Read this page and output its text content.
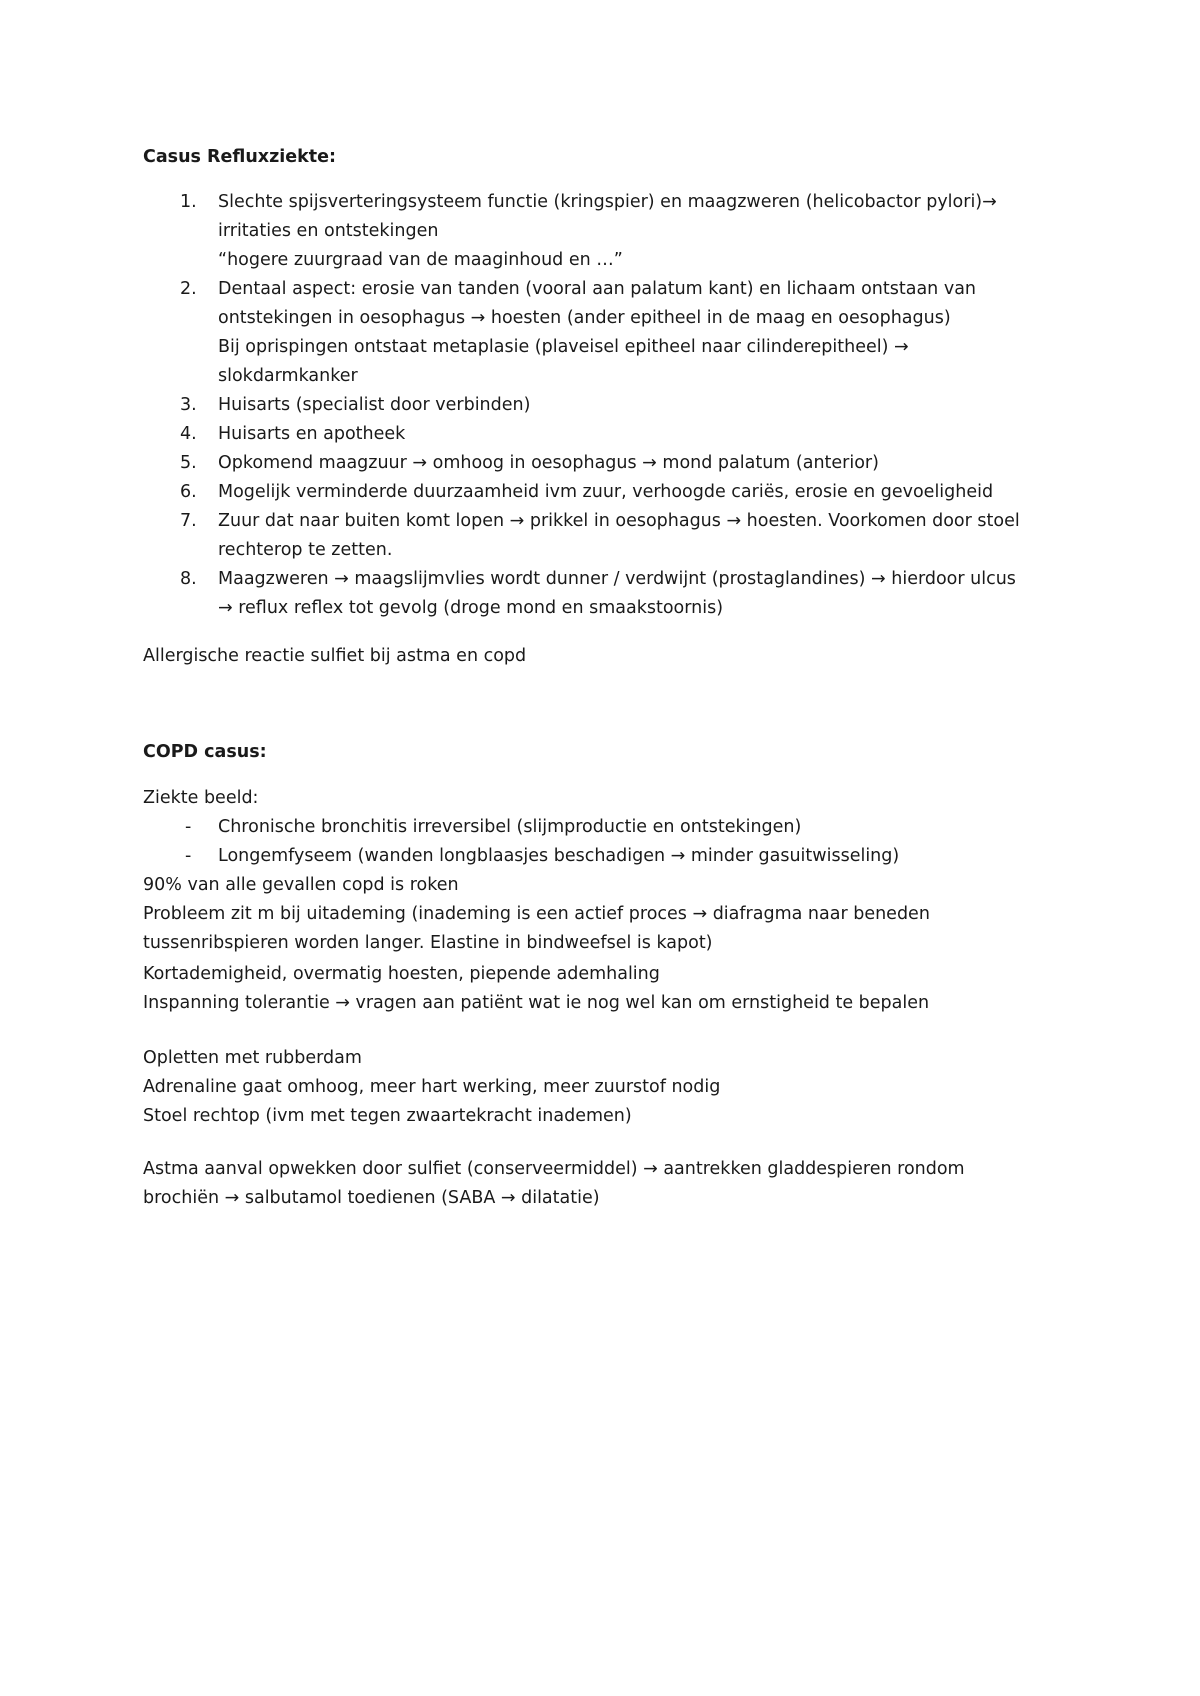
Casus Refluxziekte:
1. Slechte spijsverteringsysteem functie (kringspier) en maagzweren (helicobactor pylori)→
irritaties en ontstekingen
“hogere zuurgraad van de maaginhoud en …”
2. Dentaal aspect: erosie van tanden (vooral aan palatum kant) en lichaam ontstaan van
ontstekingen in oesophagus → hoesten (ander epitheel in de maag en oesophagus)
Bij oprispingen ontstaat metaplasie (plaveisel epitheel naar cilinderepitheel) →
slokdarmkanker
3. Huisarts (specialist door verbinden)
4. Huisarts en apotheek
5. Opkomend maagzuur → omhoog in oesophagus → mond palatum (anterior)
6. Mogelijk verminderde duurzaamheid ivm zuur, verhoogde cariës, erosie en gevoeligheid
7. Zuur dat naar buiten komt lopen → prikkel in oesophagus → hoesten. Voorkomen door stoel
rechterop te zetten.
8. Maagzweren → maagslijmvlies wordt dunner / verdwijnt (prostaglandines) → hierdoor ulcus
→ reflux reflex tot gevolg (droge mond en smaakstoornis)

Allergische reactie sulfiet bij astma en copd

COPD casus:

Ziekte beeld:

- Chronische bronchitis irreversibel (slijmproductie en ontstekingen)
- Longemfyseem (wanden longblaasjes beschadigen → minder gasuitwisseling)

90% van alle gevallen copd is roken

Probleem zit m bij uitademing (inademing is een actief proces → diafragma naar beneden

tussenribspieren worden langer. Elastine in bindweefsel is kapot)

Kortademigheid, overmatig hoesten, piepende ademhaling

Inspanning tolerantie → vragen aan patiënt wat ie nog wel kan om ernstigheid te bepalen

Opletten met rubberdam

Adrenaline gaat omhoog, meer hart werking, meer zuurstof nodig

Stoel rechtop (ivm met tegen zwaartekracht inademen)

Astma aanval opwekken door sulfiet (conserveermiddel) → aantrekken gladdespieren rondom

brochiën → salbutamol toedienen (SABA → dilatatie)
